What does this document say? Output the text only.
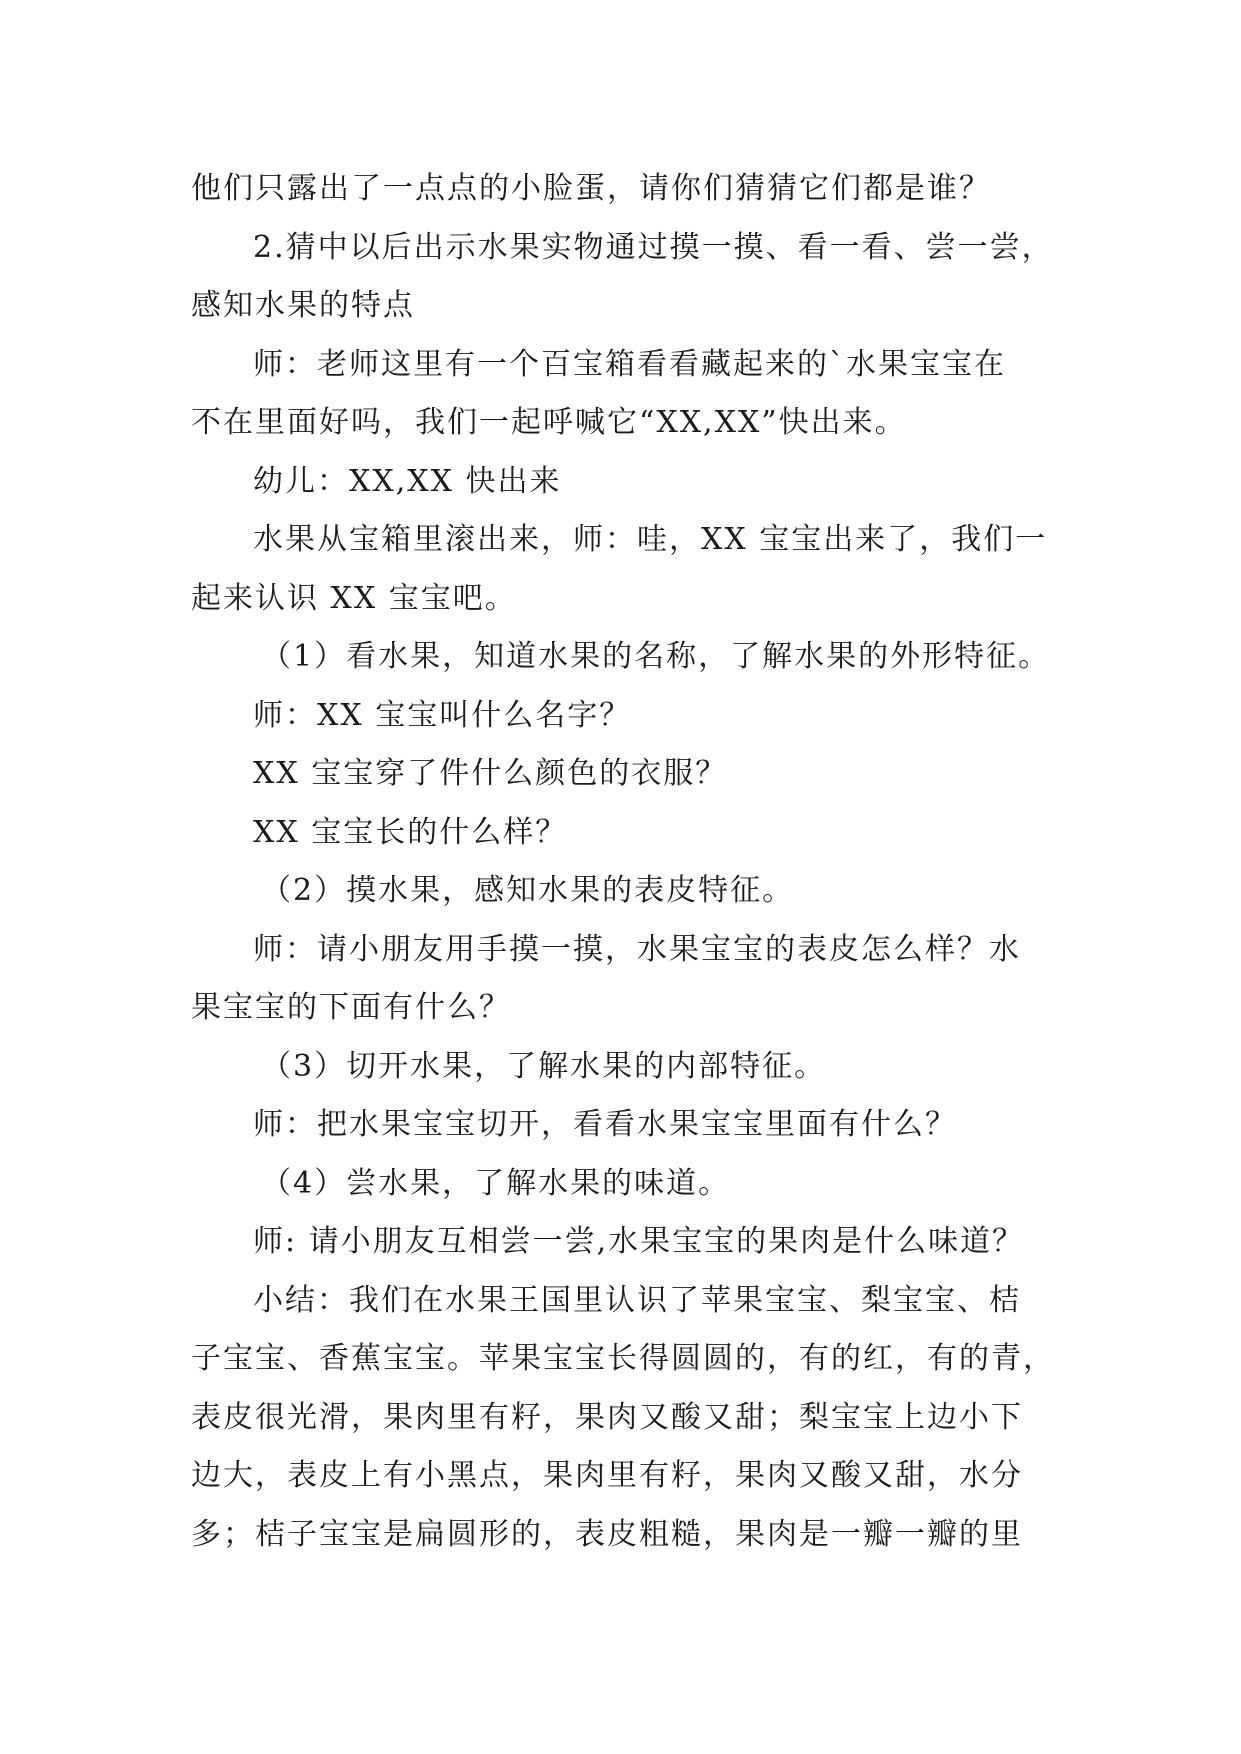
他们只露出了一点点的小脸蛋，请你们猜猜它们都是谁？
2.猜中以后出示水果实物通过摸一摸、看一看、尝一尝，
感知水果的特点
师：老师这里有一个百宝箱看看藏起来的`水果宝宝在
不在里面好吗，我们一起呼喊它“XX,XX”快出来。
幼儿：XX,XX 快出来
水果从宝箱里滚出来，师：哇，XX 宝宝出来了，我们一
起来认识 XX 宝宝吧。
（1）看水果，知道水果的名称，了解水果的外形特征。
师：XX 宝宝叫什么名字？
XX 宝宝穿了件什么颜色的衣服？
XX 宝宝长的什么样？
（2）摸水果，感知水果的表皮特征。
师：请小朋友用手摸一摸，水果宝宝的表皮怎么样？水
果宝宝的下面有什么？
（3）切开水果，了解水果的内部特征。
师：把水果宝宝切开，看看水果宝宝里面有什么？
（4）尝水果，了解水果的味道。
师: 请小朋友互相尝一尝,水果宝宝的果肉是什么味道？
小结：我们在水果王国里认识了苹果宝宝、梨宝宝、桔
子宝宝、香蕉宝宝。苹果宝宝长得圆圆的，有的红，有的青，
表皮很光滑，果肉里有籽，果肉又酸又甜；梨宝宝上边小下
边大，表皮上有小黑点，果肉里有籽，果肉又酸又甜，水分
多；桔子宝宝是扁圆形的，表皮粗糙，果肉是一瓣一瓣的里
